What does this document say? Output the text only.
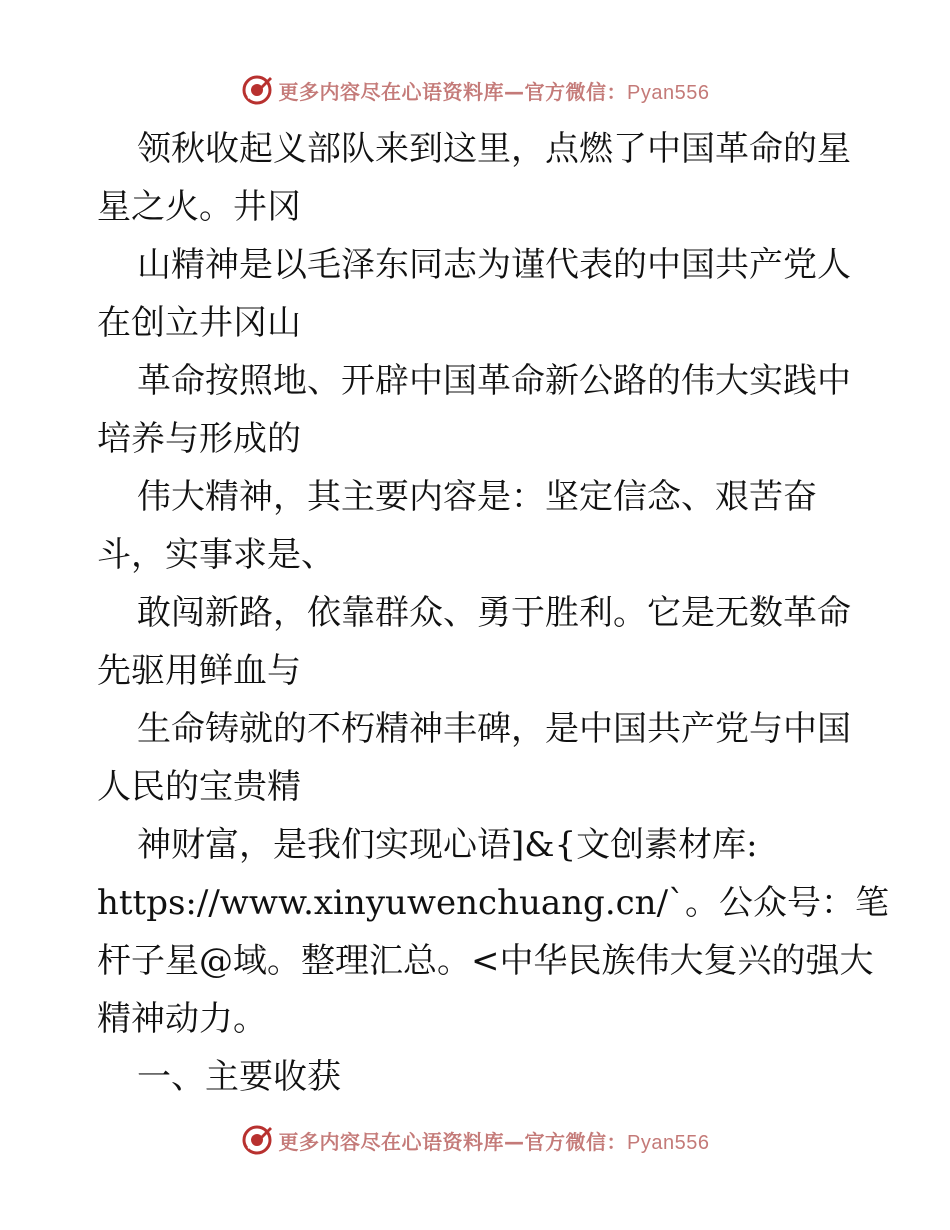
更多内容尽在心语资料库—官方微信：Pyan556
领秋收起义部队来到这里，点燃了中国革命的星
星之火。井冈
山精神是以毛泽东同志为谨代表的中国共产党人
在创立井冈山
革命按照地、开辟中国革命新公路的伟大实践中
培养与形成的
伟大精神，其主要内容是：坚定信念、艰苦奋
斗，实事求是、
敢闯新路，依靠群众、勇于胜利。它是无数革命
先驱用鲜血与
生命铸就的不朽精神丰碑，是中国共产党与中国
人民的宝贵精
神财富，是我们实现心语]&{文创素材库:
https://www.xinyuwenchuang.cn/`。公众号：笔
杆子星@域。整理汇总。<中华民族伟大复兴的强大
精神动力。
一、主要收获
更多内容尽在心语资料库—官方微信：Pyan556
